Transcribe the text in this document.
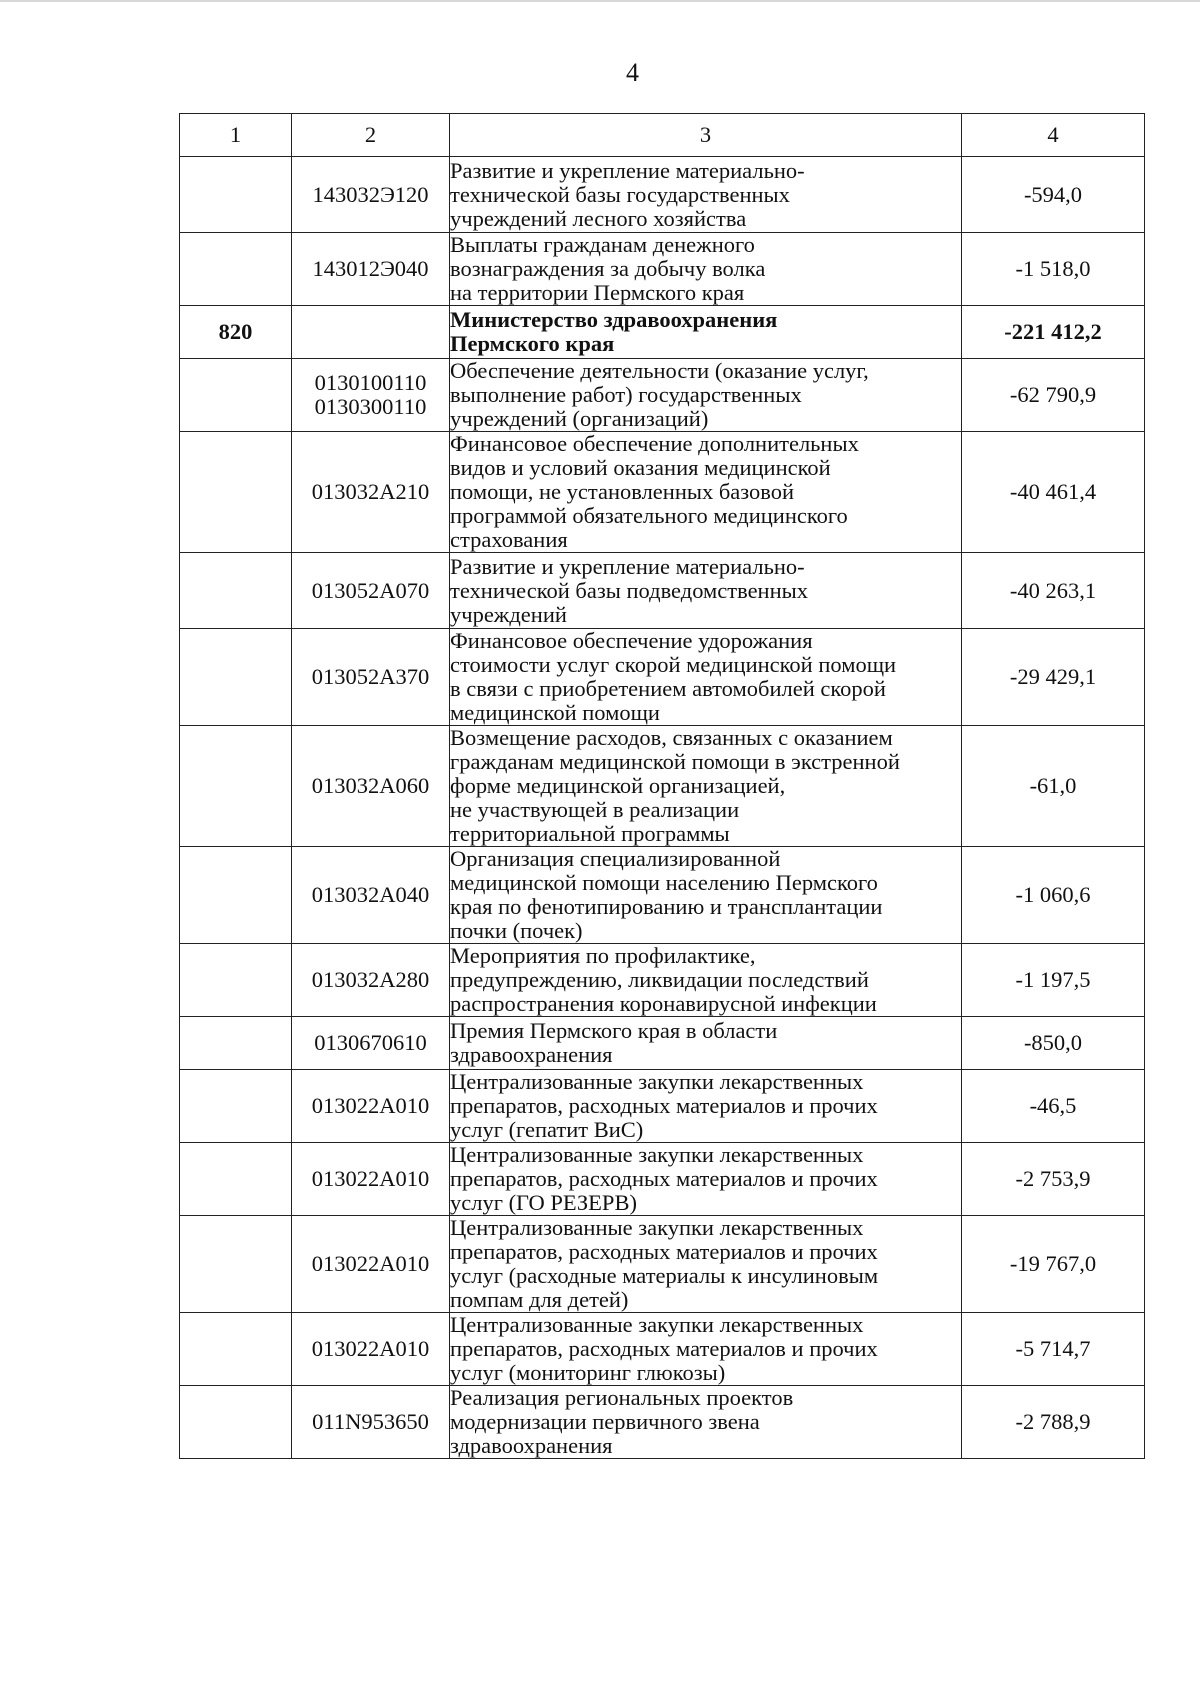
4
1	2	3	4

	143032Э120	Развитие и укрепление материально-
технической базы государственных
учреждений лесного хозяйства	-594,0

	143012Э040	Выплаты гражданам денежного
вознаграждения за добычу волка
на территории Пермского края	-1 518,0
820		Министерство здравоохранения
Пермского края	-221 412,2

	0130100110
0130300110	Обеспечение деятельности (оказание услуг,
выполнение работ) государственных
учреждений (организаций)	-62 790,9

	013032А210	Финансовое обеспечение дополнительных
видов и условий оказания медицинской
помощи, не установленных базовой
программой обязательного медицинского
страхования	-40 461,4

	013052А070	Развитие и укрепление материально-
технической базы подведомственных
учреждений	-40 263,1

	013052А370	Финансовое обеспечение удорожания
стоимости услуг скорой медицинской помощи
в связи с приобретением автомобилей скорой
медицинской помощи	-29 429,1

	013032А060	Возмещение расходов, связанных с оказанием
гражданам медицинской помощи в экстренной
форме медицинской организацией,
не участвующей в реализации
территориальной программы	-61,0

	013032А040	Организация специализированной
медицинской помощи населению Пермского
края по фенотипированию и трансплантации
почки (почек)	-1 060,6

	013032А280	Мероприятия по профилактике,
предупреждению, ликвидации последствий
распространения коронавирусной инфекции	-1 197,5

	0130670610	Премия Пермского края в области
здравоохранения	-850,0

	013022А010	Централизованные закупки лекарственных
препаратов, расходных материалов и прочих
услуг (гепатит ВиС)	-46,5

	013022А010	Централизованные закупки лекарственных
препаратов, расходных материалов и прочих
услуг (ГО РЕЗЕРВ)	-2 753,9

	013022А010	Централизованные закупки лекарственных
препаратов, расходных материалов и прочих
услуг (расходные материалы к инсулиновым
помпам для детей)	-19 767,0

	013022А010	Централизованные закупки лекарственных
препаратов, расходных материалов и прочих
услуг (мониторинг глюкозы)	-5 714,7

	011N953650	Реализация региональных проектов
модернизации первичного звена
здравоохранения	-2 788,9
